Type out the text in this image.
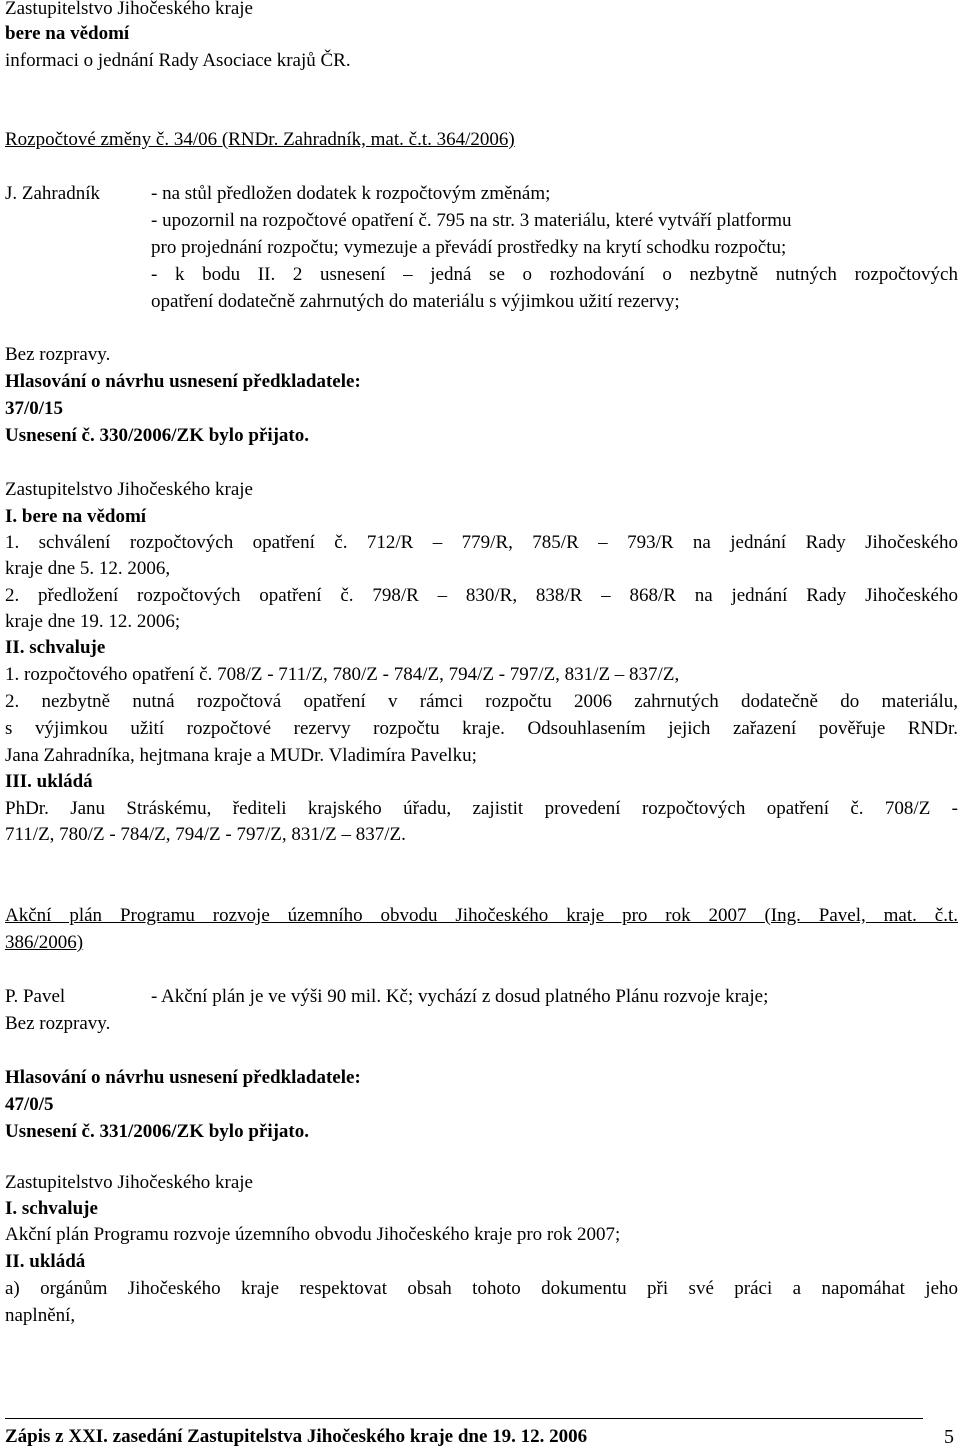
Zastupitelstvo Jihočeského kraje
bere na vědomí
informaci o jednání Rady Asociace krajů ČR.
Rozpočtové změny č. 34/06 (RNDr. Zahradník, mat. č.t. 364/2006)
J. Zahradník	- na stůl předložen dodatek k rozpočtovým změnám;
- upozornil na rozpočtové opatření č. 795 na str. 3 materiálu, které vytváří platformu
pro projednání rozpočtu; vymezuje a převádí prostředky na krytí schodku rozpočtu;
- k bodu II. 2 usnesení – jedná se o rozhodování o nezbytně nutných rozpočtových
opatření dodatečně zahrnutých do materiálu s výjimkou užití rezervy;
Bez rozpravy.
Hlasování o návrhu usnesení předkladatele:
37/0/15
Usnesení č. 330/2006/ZK bylo přijato.
Zastupitelstvo Jihočeského kraje
I. bere na vědomí
1. schválení rozpočtových opatření č. 712/R – 779/R, 785/R – 793/R na jednání Rady Jihočeského
kraje dne 5. 12. 2006,
2. předložení rozpočtových opatření č. 798/R – 830/R, 838/R – 868/R na jednání Rady Jihočeského
kraje dne 19. 12. 2006;
II. schvaluje
1. rozpočtového opatření č. 708/Z - 711/Z, 780/Z - 784/Z, 794/Z - 797/Z, 831/Z – 837/Z,
2. nezbytně nutná rozpočtová opatření v rámci rozpočtu 2006 zahrnutých dodatečně do materiálu,
s výjimkou užití rozpočtové rezervy rozpočtu kraje. Odsouhlasením jejich zařazení pověřuje RNDr.
Jana Zahradníka, hejtmana kraje a MUDr. Vladimíra Pavelku;
III. ukládá
PhDr. Janu Stráskému, řediteli krajského úřadu, zajistit provedení rozpočtových opatření č. 708/Z -
711/Z, 780/Z - 784/Z, 794/Z - 797/Z, 831/Z – 837/Z.
Akční plán Programu rozvoje územního obvodu Jihočeského kraje pro rok 2007 (Ing. Pavel, mat. č.t.
386/2006)
P. Pavel	- Akční plán je ve výši 90 mil. Kč; vychází z dosud platného Plánu rozvoje kraje;
Bez rozpravy.
Hlasování o návrhu usnesení předkladatele:
47/0/5
Usnesení č. 331/2006/ZK bylo přijato.
Zastupitelstvo Jihočeského kraje
I. schvaluje
Akční plán Programu rozvoje územního obvodu Jihočeského kraje pro rok 2007;
II. ukládá
a) orgánům Jihočeského kraje respektovat obsah tohoto dokumentu při své práci a napomáhat jeho
naplnění,
Zápis z XXI. zasedání Zastupitelstva Jihočeského kraje dne 19. 12. 2006	5
